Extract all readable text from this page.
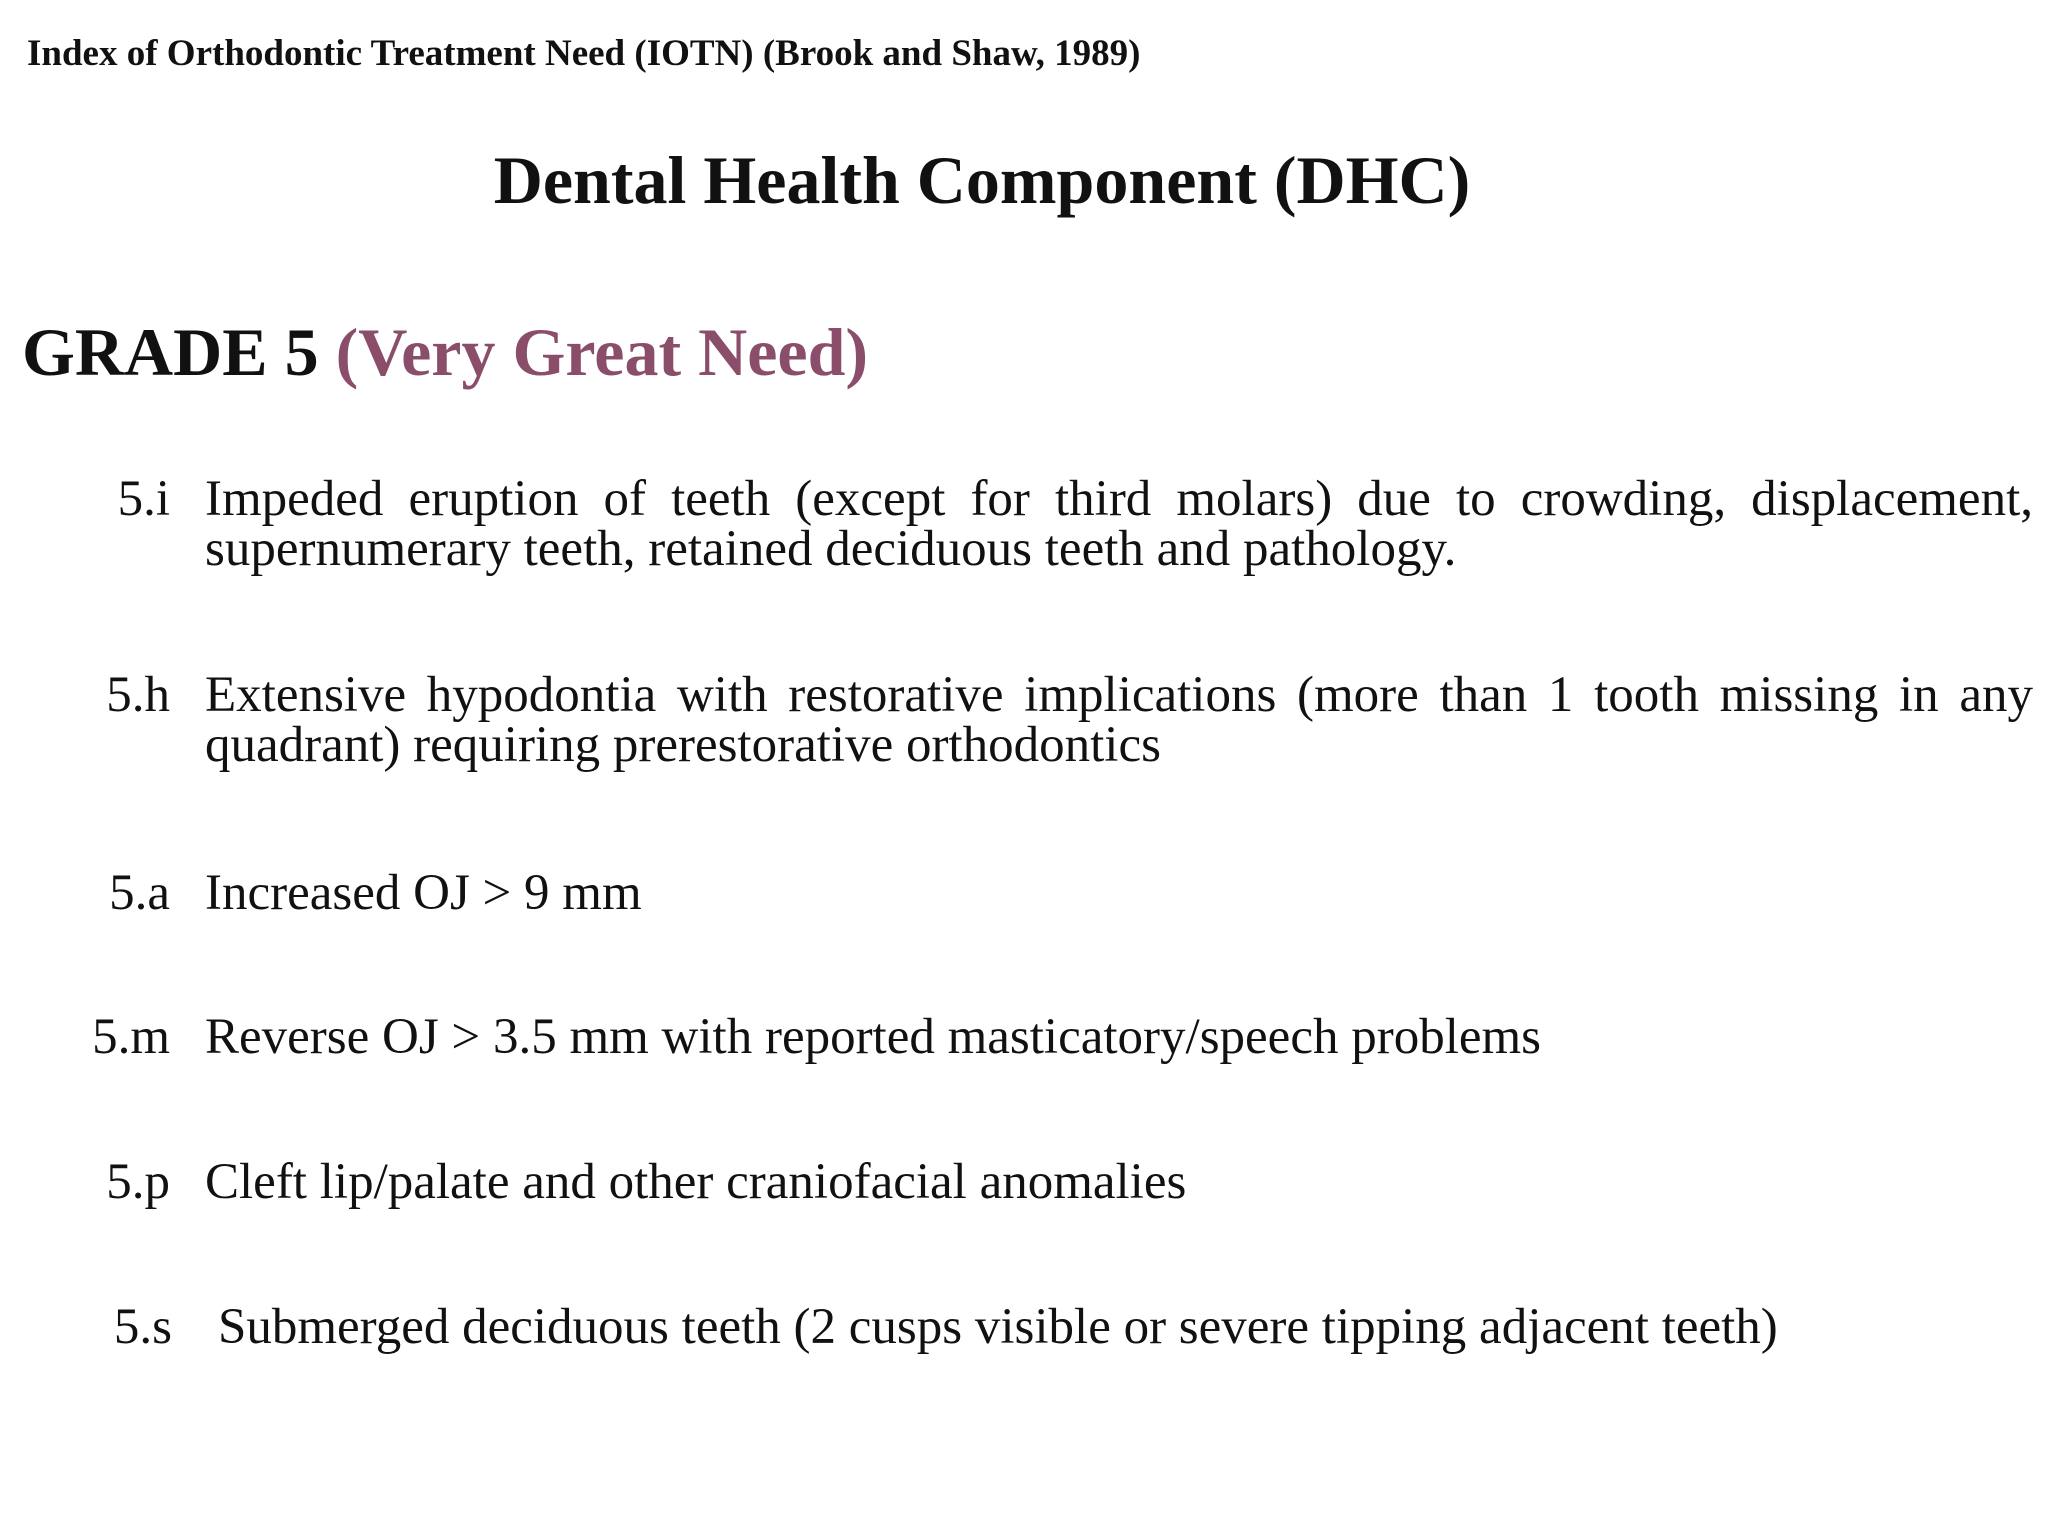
Index of Orthodontic Treatment Need (IOTN) (Brook and Shaw, 1989)
Dental Health Component (DHC)
GRADE 5 (Very Great Need)
5.i Impeded eruption of teeth (except for third molars) due to crowding, displacement, supernumerary teeth, retained deciduous teeth and pathology.
5.h Extensive hypodontia with restorative implications (more than 1 tooth missing in any quadrant) requiring prerestorative orthodontics
5.a Increased OJ > 9 mm
5.m Reverse OJ > 3.5 mm with reported masticatory/speech problems
5.p Cleft lip/palate and other craniofacial anomalies
5.s Submerged deciduous teeth (2 cusps visible or severe tipping adjacent teeth)
